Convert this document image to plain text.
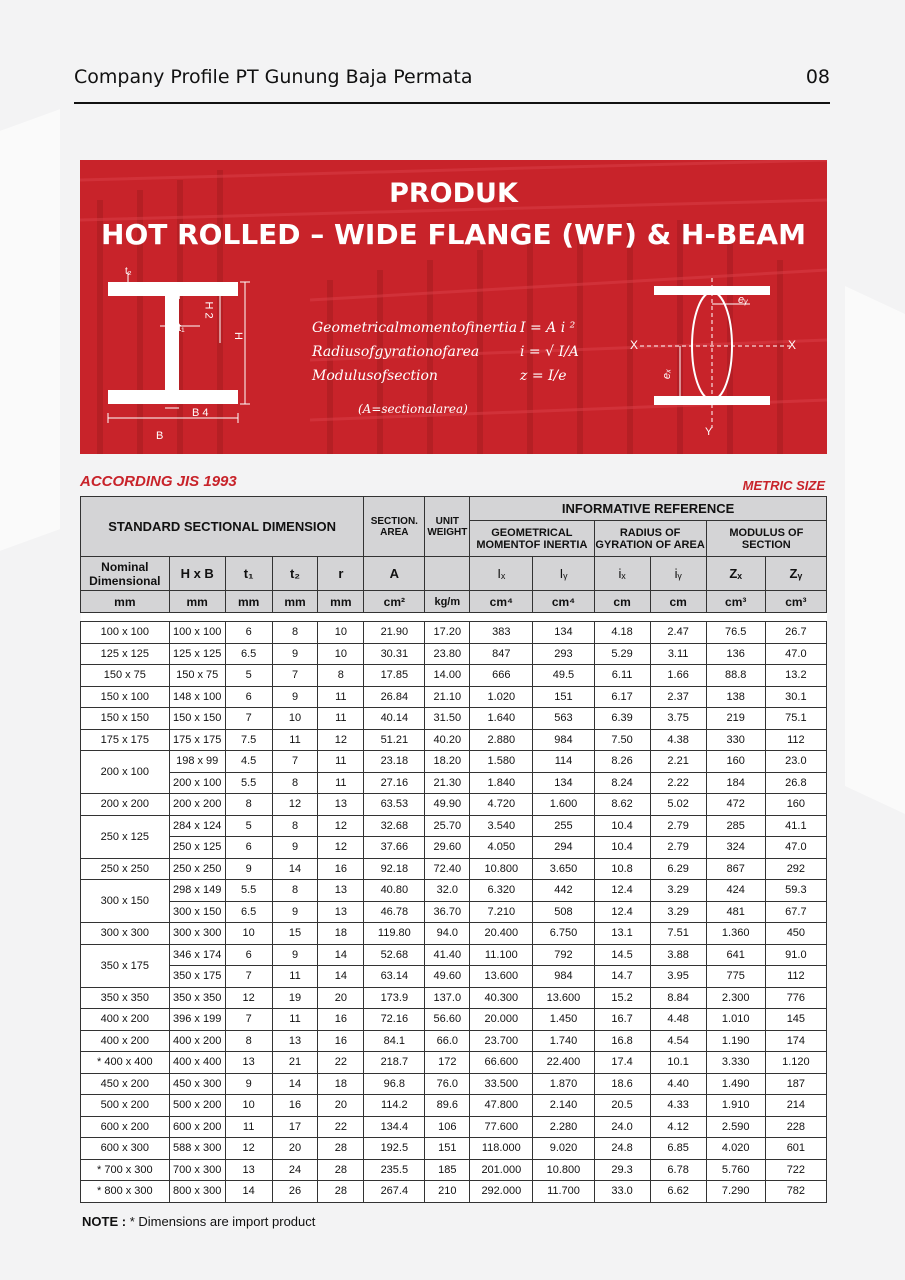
Company Profile PT Gunung Baja Permata	08
PRODUK
HOT ROLLED – WIDE FLANGE (WF) & H-BEAM
t₂
r
H 2
H
t₁
B 4
B
Geometricalmomentofinertia I = A i ²
Radiusofgyrationofarea	i = √ I/A
Modulusofsection	z = I/e
(A=sectionalarea)
eᵧ
eₓ
X	X
Y
ACCORDING JIS 1993	METRIC SIZE
STANDARD SECTIONAL DIMENSION					SECTION. AREA	UNIT WEIGHT	INFORMATIVE REFERENCE					
							GEOMETRICAL MOMENTOF INERTIA		RADIUS OF GYRATION OF AREA		MODULUS OF SECTION	
Nominal Dimensional	H x B	t₁	t₂	r	A		Iₓ	Iᵧ	iₓ	iᵧ	Zₓ	Zᵧ
mm	mm	mm	mm	mm	cm²	kg/m	cm⁴	cm⁴	cm	cm	cm³	cm³

100 x 100	100 x 100	6	8	10	21.90	17.20	383	134	4.18	2.47	76.5	26.7
125 x 125	125 x 125	6.5	9	10	30.31	23.80	847	293	5.29	3.11	136	47.0
150 x 75	150 x 75	5	7	8	17.85	14.00	666	49.5	6.11	1.66	88.8	13.2
150 x 100	148 x 100	6	9	11	26.84	21.10	1.020	151	6.17	2.37	138	30.1
150 x 150	150 x 150	7	10	11	40.14	31.50	1.640	563	6.39	3.75	219	75.1
175 x 175	175 x 175	7.5	11	12	51.21	40.20	2.880	984	7.50	4.38	330	112
200 x 100	198 x 99	4.5	7	11	23.18	18.20	1.580	114	8.26	2.21	160	23.0
	200 x 100	5.5	8	11	27.16	21.30	1.840	134	8.24	2.22	184	26.8
200 x 200	200 x 200	8	12	13	63.53	49.90	4.720	1.600	8.62	5.02	472	160
250 x 125	284 x 124	5	8	12	32.68	25.70	3.540	255	10.4	2.79	285	41.1
	250 x 125	6	9	12	37.66	29.60	4.050	294	10.4	2.79	324	47.0
250 x 250	250 x 250	9	14	16	92.18	72.40	10.800	3.650	10.8	6.29	867	292
300 x 150	298 x 149	5.5	8	13	40.80	32.0	6.320	442	12.4	3.29	424	59.3
	300 x 150	6.5	9	13	46.78	36.70	7.210	508	12.4	3.29	481	67.7
300 x 300	300 x 300	10	15	18	119.80	94.0	20.400	6.750	13.1	7.51	1.360	450
350 x 175	346 x 174	6	9	14	52.68	41.40	11.100	792	14.5	3.88	641	91.0
	350 x 175	7	11	14	63.14	49.60	13.600	984	14.7	3.95	775	112
350 x 350	350 x 350	12	19	20	173.9	137.0	40.300	13.600	15.2	8.84	2.300	776
400 x 200	396 x 199	7	11	16	72.16	56.60	20.000	1.450	16.7	4.48	1.010	145
400 x 200	400 x 200	8	13	16	84.1	66.0	23.700	1.740	16.8	4.54	1.190	174
* 400 x 400	400 x 400	13	21	22	218.7	172	66.600	22.400	17.4	10.1	3.330	1.120
450 x 200	450 x 300	9	14	18	96.8	76.0	33.500	1.870	18.6	4.40	1.490	187
500 x 200	500 x 200	10	16	20	114.2	89.6	47.800	2.140	20.5	4.33	1.910	214
600 x 200	600 x 200	11	17	22	134.4	106	77.600	2.280	24.0	4.12	2.590	228
600 x 300	588 x 300	12	20	28	192.5	151	118.000	9.020	24.8	6.85	4.020	601
* 700 x 300	700 x 300	13	24	28	235.5	185	201.000	10.800	29.3	6.78	5.760	722
* 800 x 300	800 x 300	14	26	28	267.4	210	292.000	11.700	33.0	6.62	7.290	782
NOTE : * Dimensions are import product
